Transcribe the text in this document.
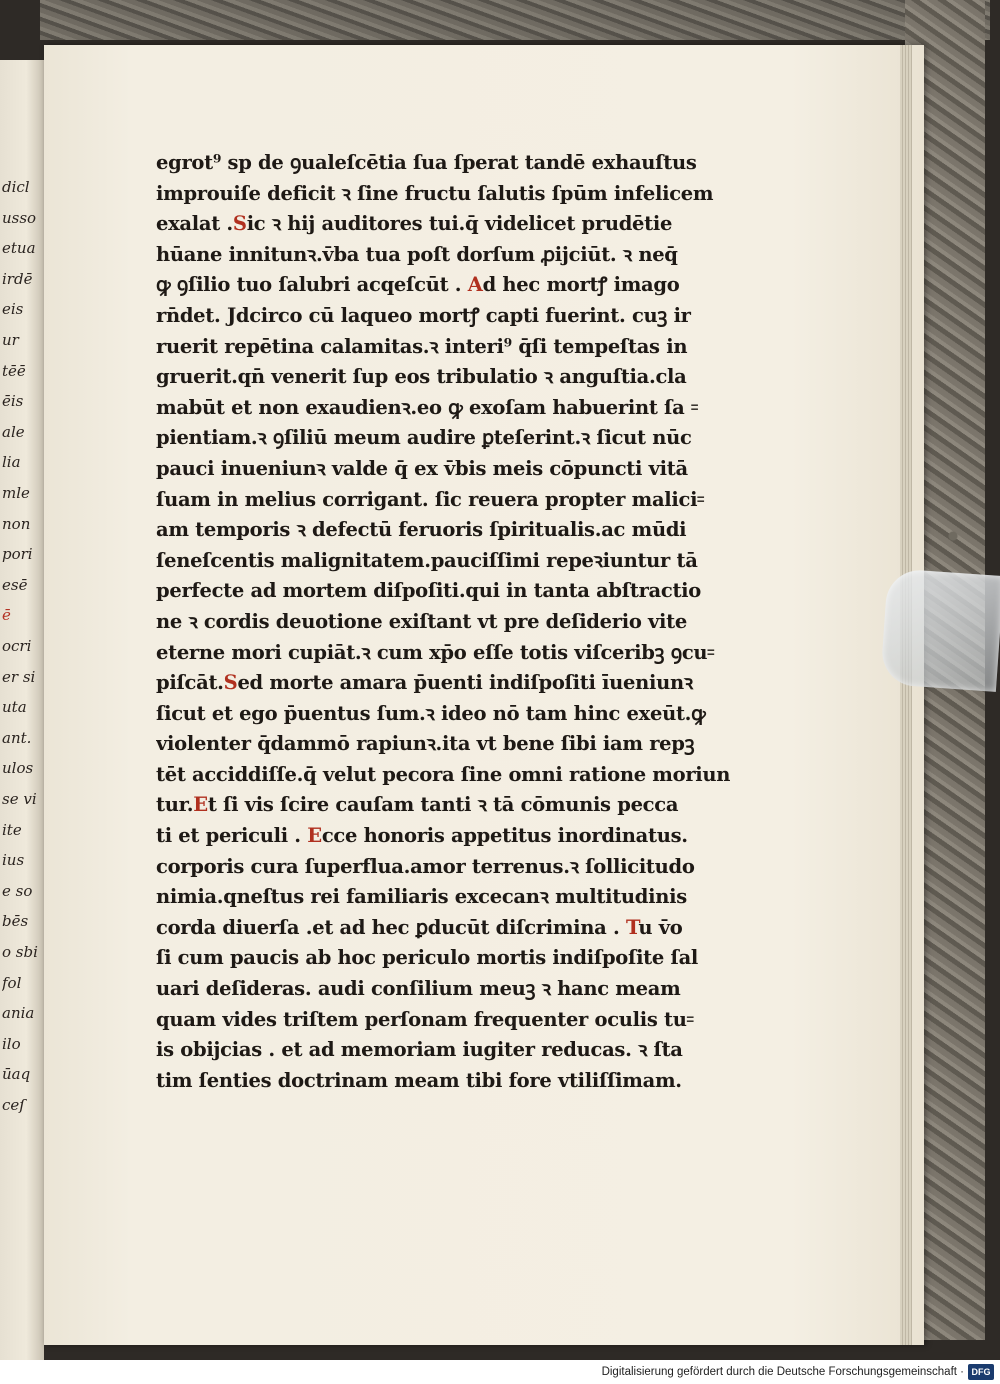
dicl
usso
etua
irdē
eis
ur
tēē
ēis
ale
lia
mle
non
pori
esē
ē
ocri
er si
uta
ant.
ulos
se vi
ite
ius
e so
bēs
o sbi
fol
ania
ilo
ūaq
ceſ
egrot⁹ sp de ꝯualeſcētia ſua ſperat tandē exhauſtus
improuiſe deficit ꝛ ſine fructu ſalutis ſpūm infelicem
exalat .Sic ꝛ hij auditores tui.q̄ videlicet prudētie
hūane innitunꝛ.v̄ba tua poſt dorſum ꝓijciūt. ꝛ neq̄
ꝙ ꝯſilio tuo ſalubri acqeſcūt . Ad hec mortꝭ imago
rn̄det. Jdcirco cū laqueo mortꝭ capti fuerint. cuꝫ ir
ruerit repētina calamitas.ꝛ interi⁹ q̄ſi tempeſtas in
gruerit.qn̄ venerit ſup eos tribulatio ꝛ anguſtia.cla
mabūt et non exaudienꝛ.eo ꝙ exoſam habuerint ſa ꞊
pientiam.ꝛ ꝯſiliū meum audire ꝑteſerint.ꝛ ſicut nūc
pauci inueniunꝛ valde q̄ ex v̄bis meis cōpuncti vitā
ſuam in melius corrigant. ſic reuera propter malici꞊
am temporis ꝛ defectū feruoris ſpiritualis.ac mūdi
ſeneſcentis malignitatem.pauciſſimi repeꝛiuntur tā
perfecte ad mortem diſpoſiti.qui in tanta abſtractio
ne ꝛ cordis deuotione exiſtant vt pre deſiderio vite
eterne mori cupiāt.ꝛ cum xp̄o eſſe totis viſceribꝫ ꝯcu꞊
piſcāt.Sed morte amara p̄uenti indiſpoſiti īueniunꝛ
ſicut et ego p̄uentus ſum.ꝛ ideo nō tam hinc exeūt.ꝙ
violenter q̄dammō rapiunꝛ.ita vt bene ſibi iam repꝫ
tēt acciddiſſe.q̄ velut pecora ſine omni ratione moriun
tur.Et ſi vis ſcire cauſam tanti ꝛ tā cōmunis pecca
ti et periculi . Ecce honoris appetitus inordinatus.
corporis cura ſuperflua.amor terrenus.ꝛ ſollicitudo
nimia.qneſtus rei familiaris excecanꝛ multitudinis
corda diuerſa .et ad hec ꝑducūt diſcrimina . Tu v̄o
ſi cum paucis ab hoc periculo mortis indiſpoſite ſal
uari deſideras. audi conſilium meuꝫ ꝛ hanc meam
quam vides triſtem perſonam frequenter oculis tu꞊
is obijcias . et ad memoriam iugiter reducas. ꝛ ſta
tim ſenties doctrinam meam tibi fore vtiliſſimam.
Digitalisierung gefördert durch die Deutsche Forschungsgemeinschaft · DFG
